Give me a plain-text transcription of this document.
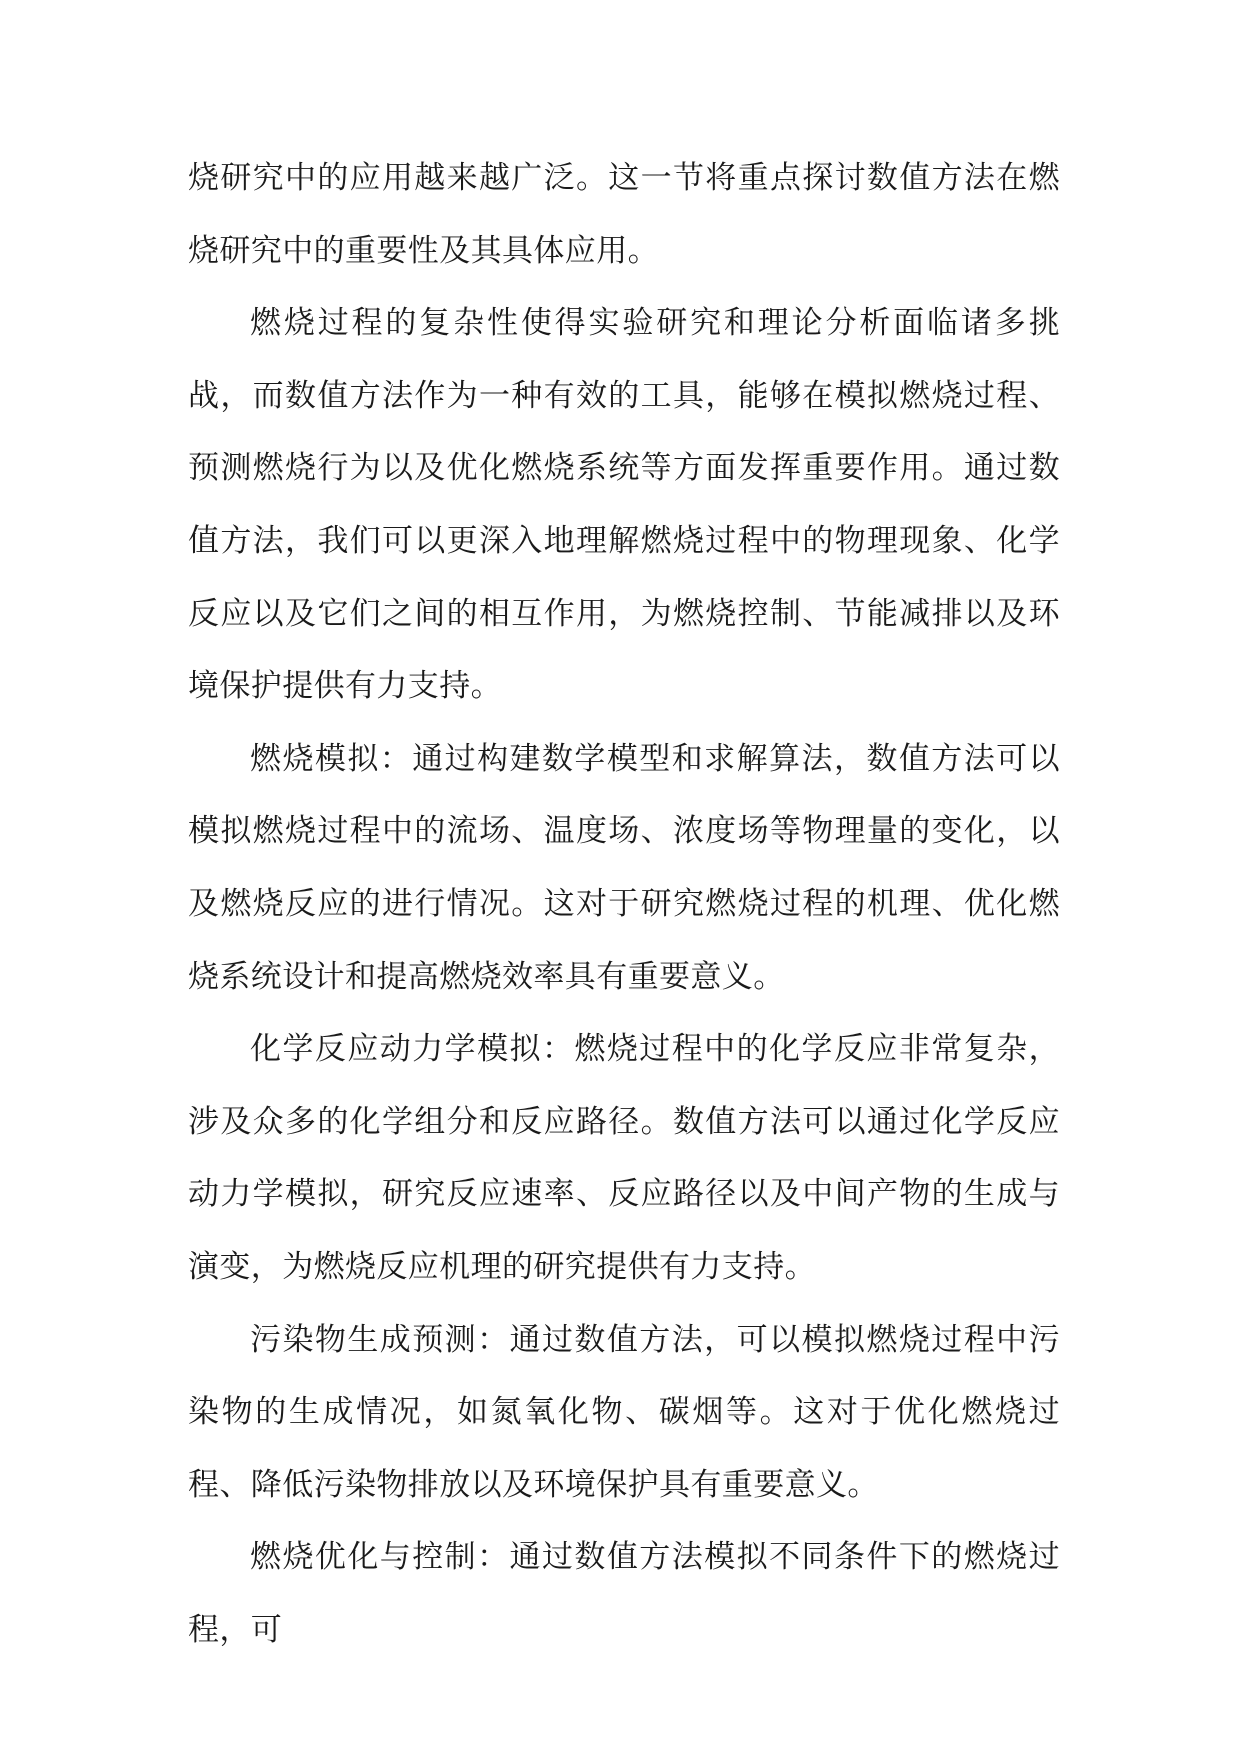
烧研究中的应用越来越广泛。这一节将重点探讨数值方法在燃烧研究中的重要性及其具体应用。

燃烧过程的复杂性使得实验研究和理论分析面临诸多挑战，而数值方法作为一种有效的工具，能够在模拟燃烧过程、预测燃烧行为以及优化燃烧系统等方面发挥重要作用。通过数值方法，我们可以更深入地理解燃烧过程中的物理现象、化学反应以及它们之间的相互作用，为燃烧控制、节能减排以及环境保护提供有力支持。

燃烧模拟：通过构建数学模型和求解算法，数值方法可以模拟燃烧过程中的流场、温度场、浓度场等物理量的变化，以及燃烧反应的进行情况。这对于研究燃烧过程的机理、优化燃烧系统设计和提高燃烧效率具有重要意义。

化学反应动力学模拟：燃烧过程中的化学反应非常复杂，涉及众多的化学组分和反应路径。数值方法可以通过化学反应动力学模拟，研究反应速率、反应路径以及中间产物的生成与演变，为燃烧反应机理的研究提供有力支持。

污染物生成预测：通过数值方法，可以模拟燃烧过程中污染物的生成情况，如氮氧化物、碳烟等。这对于优化燃烧过程、降低污染物排放以及环境保护具有重要意义。

燃烧优化与控制：通过数值方法模拟不同条件下的燃烧过程，可
